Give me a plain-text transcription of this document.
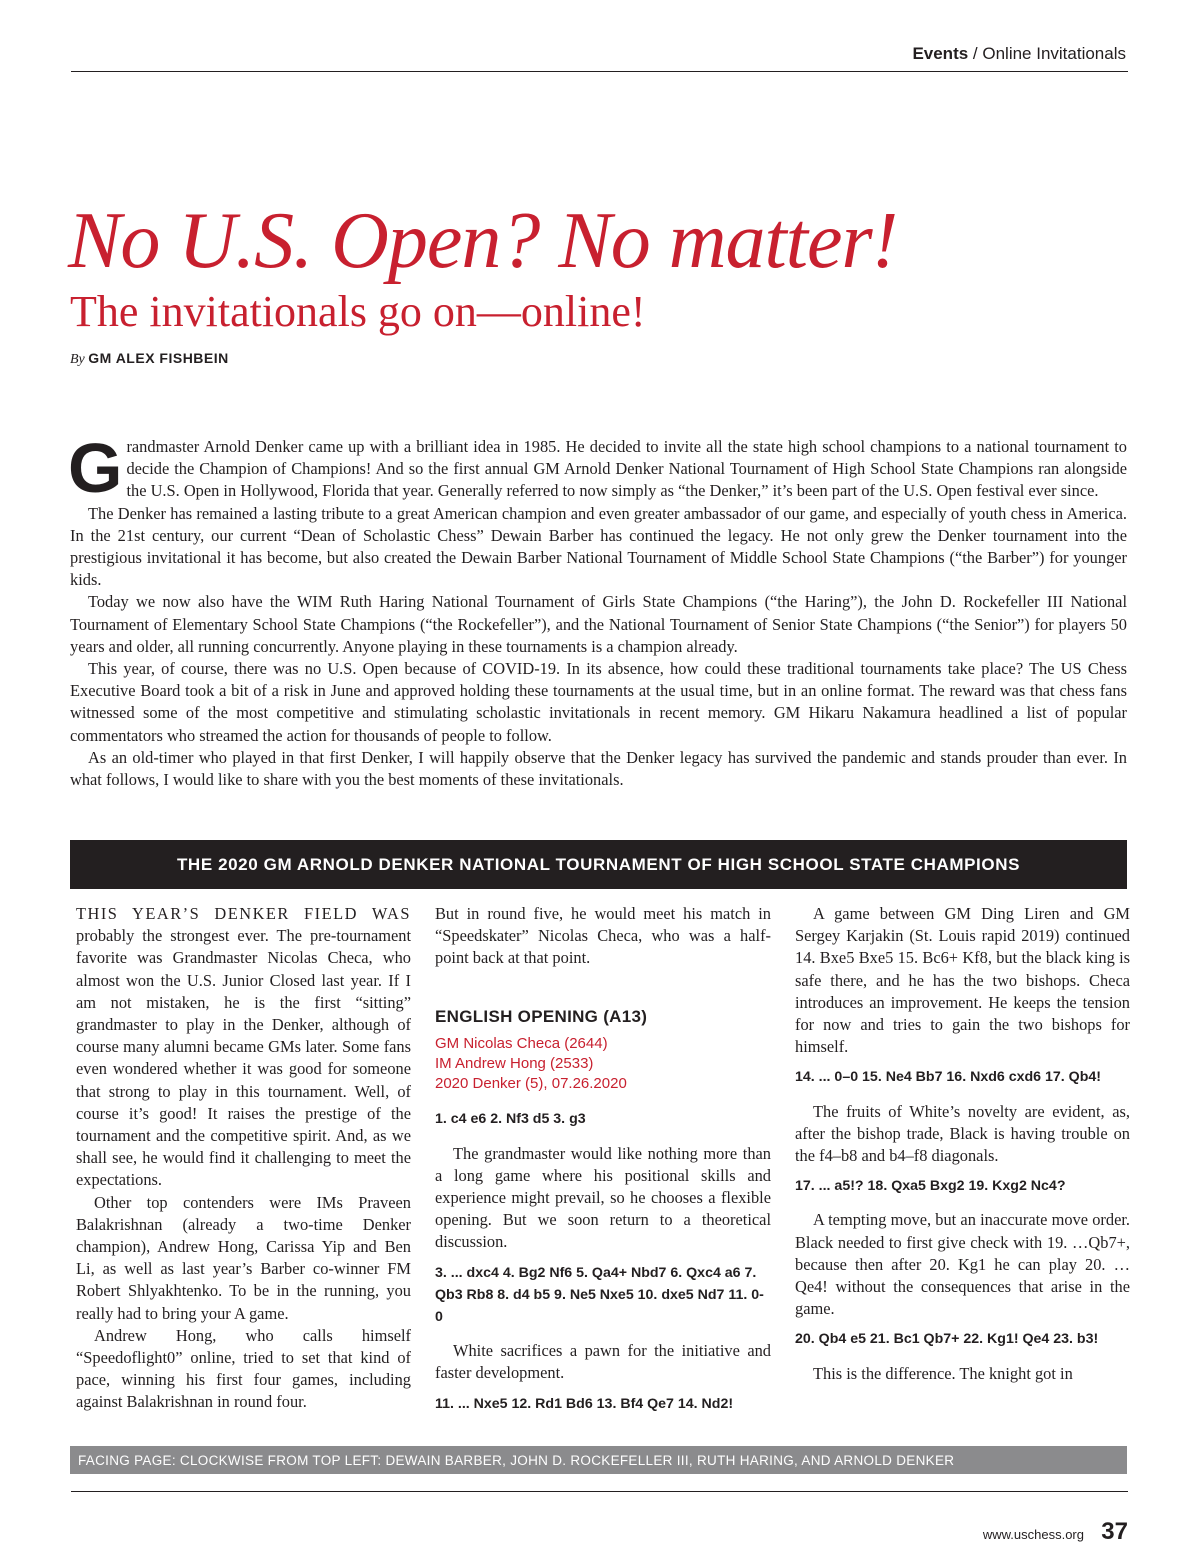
Events / Online Invitationals
No U.S. Open? No matter!
The invitationals go on—online!
By GM ALEX FISHBEIN

Grandmaster Arnold Denker came up with a brilliant idea in 1985. He decided to invite all the state high school champions to a national tournament to decide the Champion of Champions! And so the first annual GM Arnold Denker National Tournament of High School State Champions ran alongside the U.S. Open in Hollywood, Florida that year. Generally referred to now simply as “the Denker,” it’s been part of the U.S. Open festival ever since.

The Denker has remained a lasting tribute to a great American champion and even greater ambassador of our game, and especially of youth chess in America. In the 21st century, our current “Dean of Scholastic Chess” Dewain Barber has continued the legacy. He not only grew the Denker tournament into the prestigious invitational it has become, but also created the Dewain Barber National Tournament of Middle School State Champions (“the Barber”) for younger kids.

Today we now also have the WIM Ruth Haring National Tournament of Girls State Champions (“the Haring”), the John D. Rockefeller III National Tournament of Elementary School State Champions (“the Rockefeller”), and the National Tournament of Senior State Champions (“the Senior”) for players 50 years and older, all running concurrently. Anyone playing in these tournaments is a champion already.

This year, of course, there was no U.S. Open because of COVID-19. In its absence, how could these traditional tournaments take place? The US Chess Executive Board took a bit of a risk in June and approved holding these tournaments at the usual time, but in an online format. The reward was that chess fans witnessed some of the most competitive and stimulating scholastic invitationals in recent memory. GM Hikaru Nakamura headlined a list of popular commentators who streamed the action for thousands of people to follow.

As an old-timer who played in that first Denker, I will happily observe that the Denker legacy has survived the pandemic and stands prouder than ever. In what follows, I would like to share with you the best moments of these invitationals.

THE 2020 GM ARNOLD DENKER NATIONAL TOURNAMENT OF HIGH SCHOOL STATE CHAMPIONS

THIS YEAR’S DENKER FIELD WAS probably the strongest ever. The pre-tournament favorite was Grandmaster Nicolas Checa, who almost won the U.S. Junior Closed last year. If I am not mistaken, he is the first “sitting” grandmaster to play in the Denker, although of course many alumni became GMs later. Some fans even wondered whether it was good for someone that strong to play in this tournament. Well, of course it’s good! It raises the prestige of the tournament and the competitive spirit. And, as we shall see, he would find it challenging to meet the expectations.

Other top contenders were IMs Praveen Balakrishnan (already a two-time Denker champion), Andrew Hong, Carissa Yip and Ben Li, as well as last year’s Barber co-winner FM Robert Shlyakhtenko. To be in the running, you really had to bring your A game.

Andrew Hong, who calls himself “Speedoflight0” online, tried to set that kind of pace, winning his first four games, including against Balakrishnan in round four.

But in round five, he would meet his match in “Speedskater” Nicolas Checa, who was a half-point back at that point.

ENGLISH OPENING (A13)

GM Nicolas Checa (2644)

IM Andrew Hong (2533)

2020 Denker (5), 07.26.2020

1. c4 e6 2. Nf3 d5 3. g3

The grandmaster would like nothing more than a long game where his positional skills and experience might prevail, so he chooses a flexible opening. But we soon return to a theoretical discussion.

3. ... dxc4 4. Bg2 Nf6 5. Qa4+ Nbd7 6. Qxc4 a6 7. Qb3 Rb8 8. d4 b5 9. Ne5 Nxe5 10. dxe5 Nd7 11. 0-0

White sacrifices a pawn for the initiative and faster development.

11. ... Nxe5 12. Rd1 Bd6 13. Bf4 Qe7 14. Nd2!

A game between GM Ding Liren and GM Sergey Karjakin (St. Louis rapid 2019) continued 14. Bxe5 Bxe5 15. Bc6+ Kf8, but the black king is safe there, and he has the two bishops. Checa introduces an improvement. He keeps the tension for now and tries to gain the two bishops for himself.

14. ... 0–0 15. Ne4 Bb7 16. Nxd6 cxd6 17. Qb4!

The fruits of White’s novelty are evident, as, after the bishop trade, Black is having trouble on the f4–b8 and b4–f8 diagonals.

17. ... a5!? 18. Qxa5 Bxg2 19. Kxg2 Nc4?

A tempting move, but an inaccurate move order. Black needed to first give check with 19. …Qb7+, because then after 20. Kg1 he can play 20. … Qe4! without the consequences that arise in the game.

20. Qb4 e5 21. Bc1 Qb7+ 22. Kg1! Qe4 23. b3!

This is the difference. The knight got in

FACING PAGE: CLOCKWISE FROM TOP LEFT: DEWAIN BARBER, JOHN D. ROCKEFELLER III, RUTH HARING, AND ARNOLD DENKER
www.uschess.org 37
